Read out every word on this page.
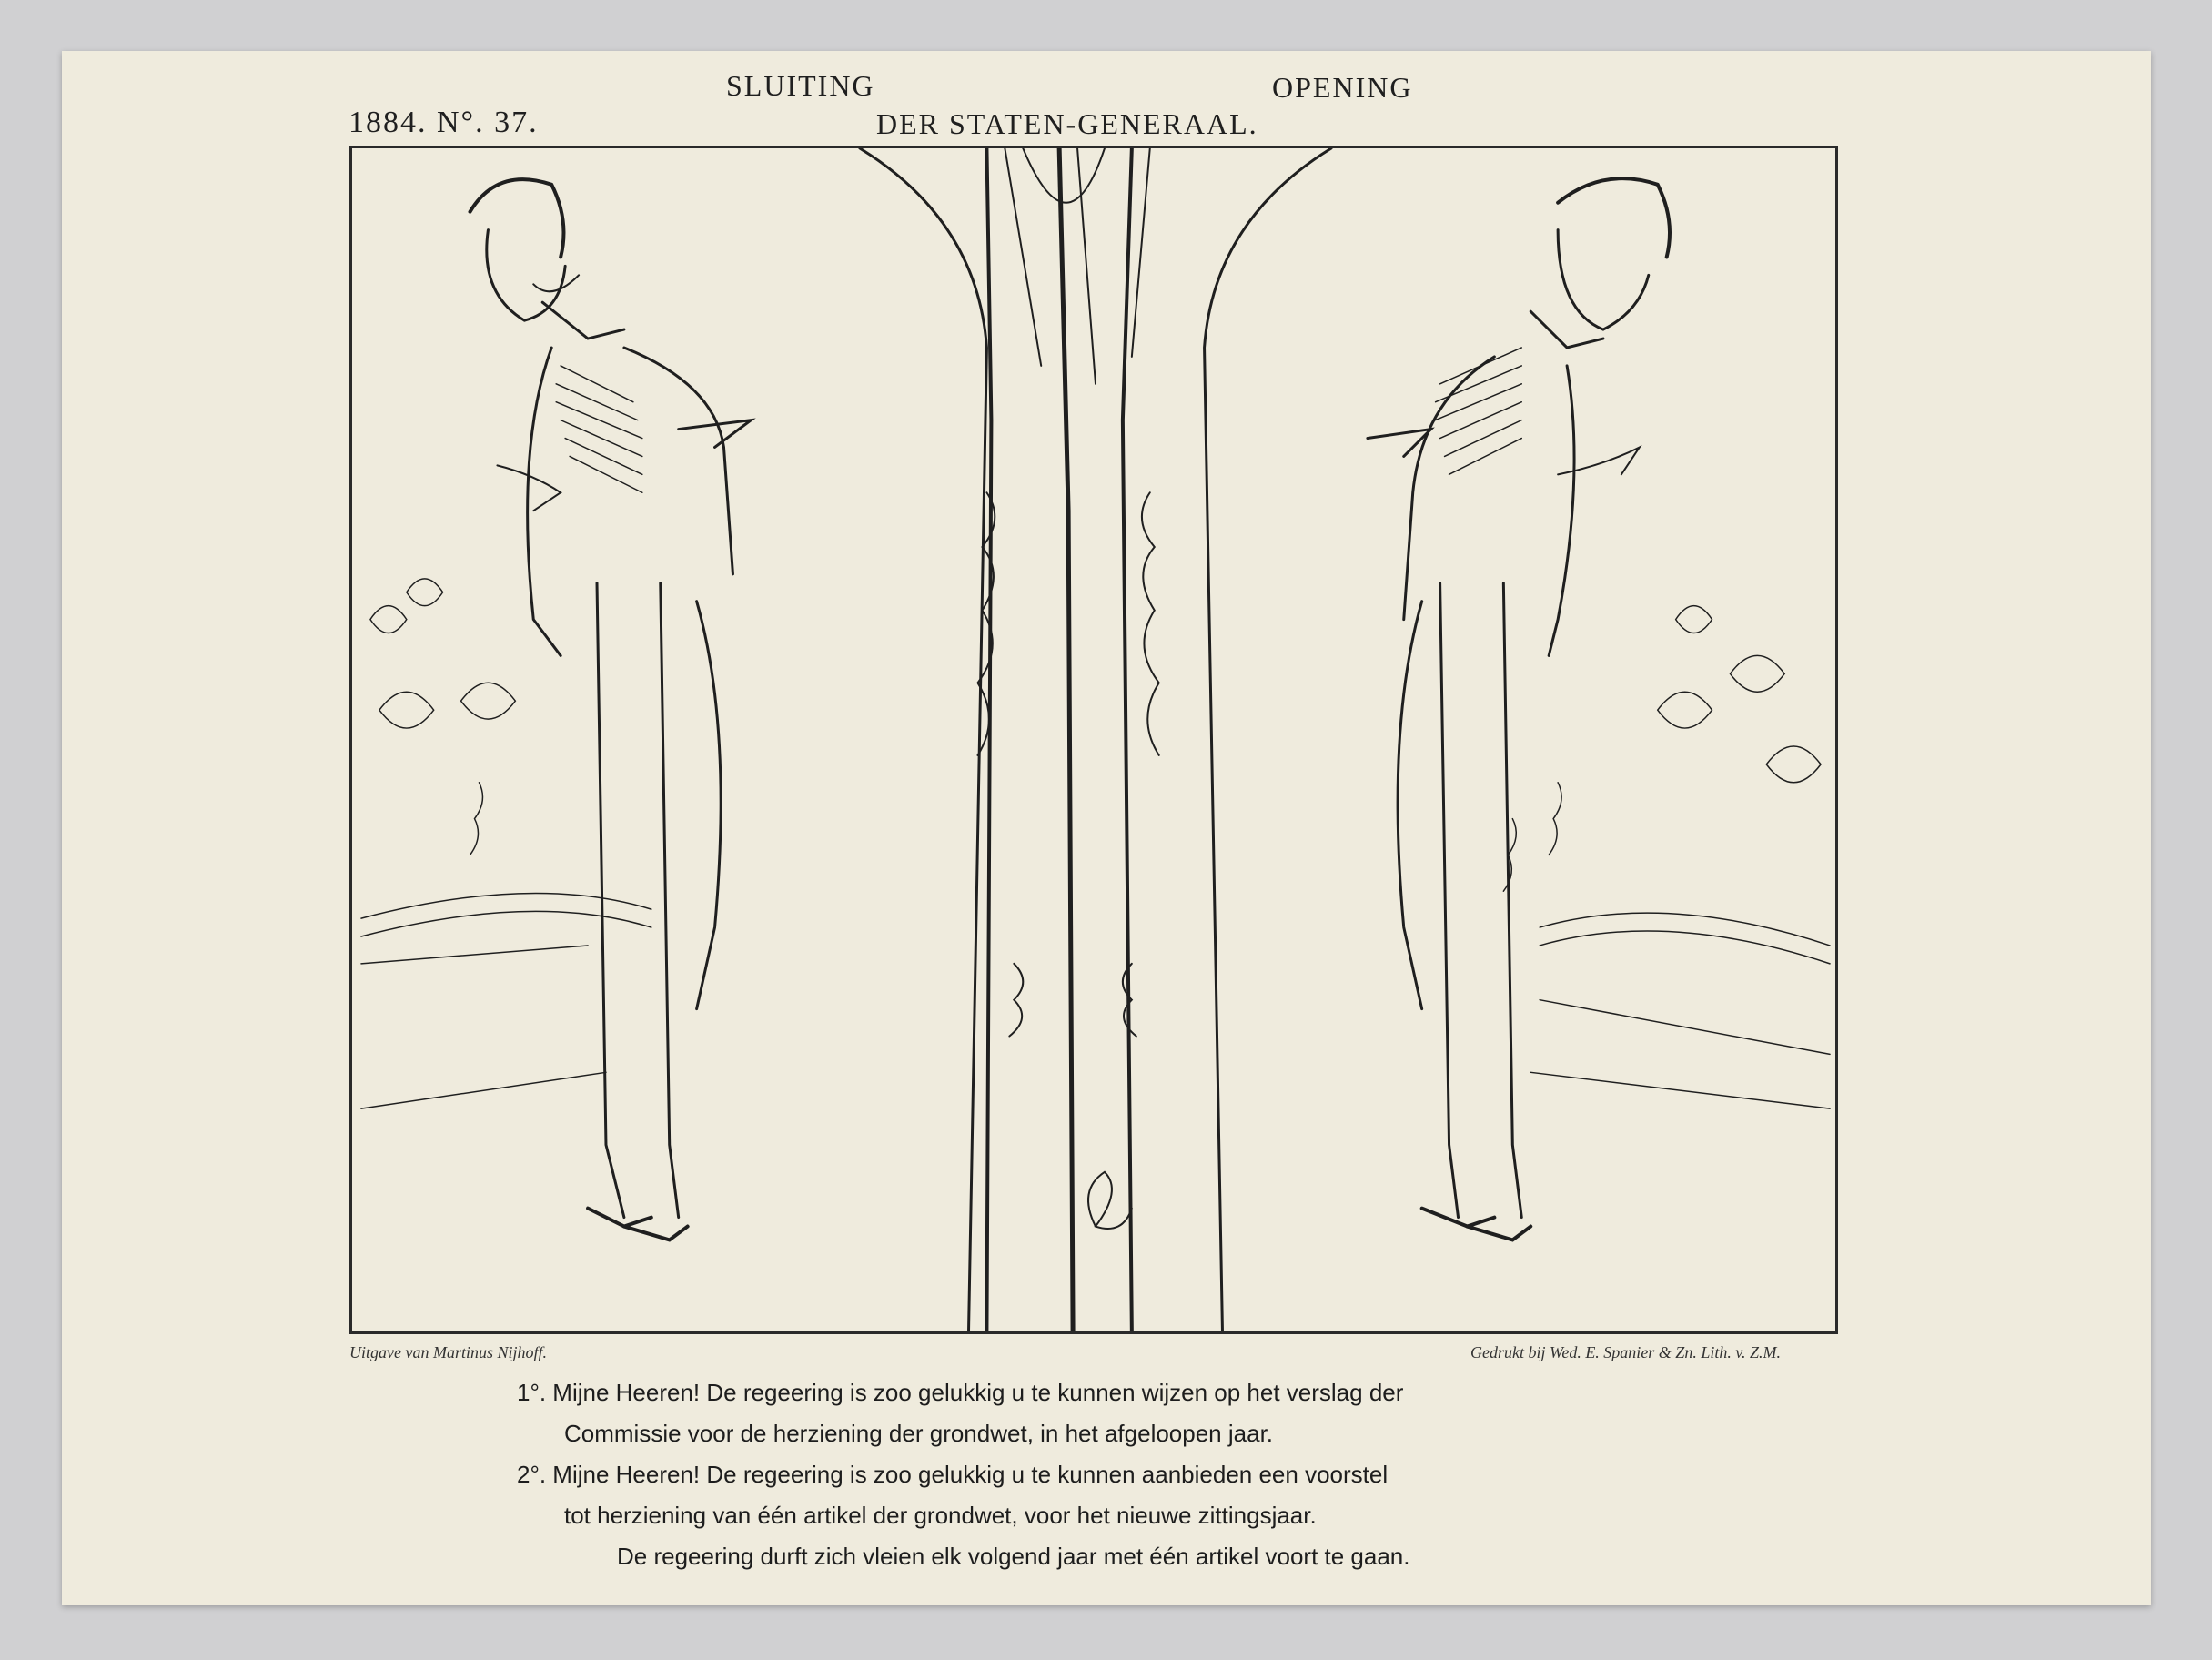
1884. N°. 37.
SLUITING	OPENING
DER STATEN-GENERAAL.
Uitgave van Martinus Nijhoff.	Gedrukt bij Wed. E. Spanier & Zn. Lith. v. Z.M.

1°. Mijne Heeren! De regeering is zoo gelukkig u te kunnen wijzen op het verslag der

Commissie voor de herziening der grondwet, in het afgeloopen jaar.

2°. Mijne Heeren! De regeering is zoo gelukkig u te kunnen aanbieden een voorstel

tot herziening van één artikel der grondwet, voor het nieuwe zittingsjaar.

De regeering durft zich vleien elk volgend jaar met één artikel voort te gaan.
